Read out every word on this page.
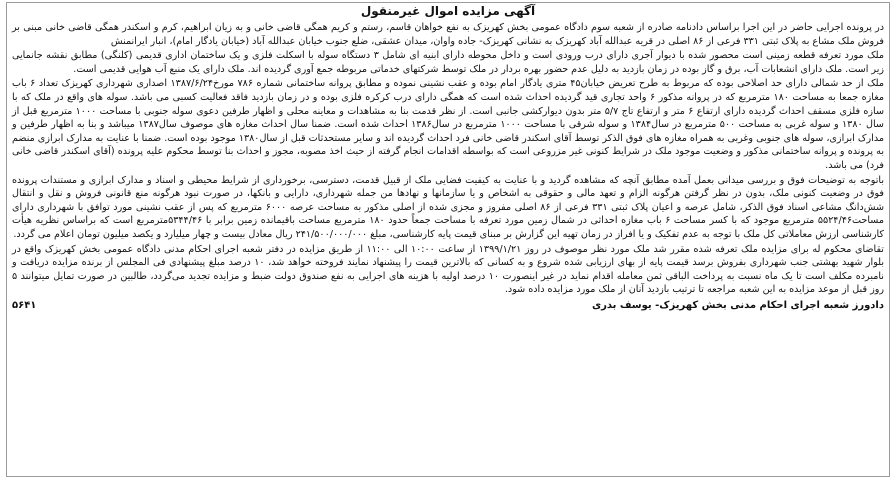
آگهی مزایده اموال غیرمنقول

در پرونده اجرایی حاضر در این اجرا براساس دادنامه صادره از شعبه سوم دادگاه عمومی بخش کهریزک به نفع خواهان قاسم، رستم و کریم همگی قاضی خانی و به زیان ابراهیم، کرم و اسکندر همگی قاضی خانی مبنی بر فروش ملک مشاع به پلاک ثبتی ۳۳۱ فرعی از ۸۶ اصلی در قریه عبدالله آباد کهریزک به نشانی کهریزک- جاده واوان، میدان عشقی، ضلع جنوب خیابان عبدالله آباد (خیابان یادگار امام)، انبار ایرانمنش

ملک مورد تعرفه قطعه زمینی است محصور شده با دیوار آجری دارای درب ورودی است و داخل محوطه دارای ابنیه ای شامل ۳ دستگاه سوله با اسکلت فلزی و یک ساختمان اداری قدیمی (کلنگی) مطابق نقشه جانمایی زیر است. ملک دارای انشعابات آب، برق و گاز بوده در زمان بازدید به دلیل عدم حضور بهره بردار در ملک توسط شرکتهای خدماتی مربوطه جمع آوری گردیده اند. ملک دارای یک منبع آب هوایی قدیمی است.

ملک از حد شمالی دارای حد اصلاحی بوده که مربوط به طرح تعریض خیابان۴۵ متری یادگار امام بوده و عقب نشینی نموده و مطابق پروانه ساختمانی شماره ۷۸۶ مورخ۱۳۸۷/۶/۲۴ اصداری شهرداری کهریزک تعداد ۶ باب مغازه جمعا به مساحت ۱۸۰ مترمربع که در پروانه مذکور ۶ واحد تجاری قید گردیده احداث شده است که همگی دارای درب کرکره فلزی بوده و در زمان بازدید فاقد فعالیت کسبی می باشد. سوله های واقع در ملک که با سازه فلزی مسقف احداث گردیده دارای ارتفاع ۶ متر و ارتفاع تاج ۵/۷ متر بدون دیوارکشی جانبی است. از نظر قدمت بنا به مشاهدات و معاینه محلی و اظهار طرفین دعوی سوله جنوبی با مساحت ۱۰۰۰ مترمربع قبل از سال ۱۳۸۰ و سوله غربی به مساحت ۵۰۰ مترمربع در سال۱۳۸۴ و سوله شرقی با مساحت ۱۰۰۰ مترمربع در سال۱۳۸۶ احداث شده است. ضمنا سال احداث مغازه های موصوف سال۱۳۸۷ میباشد و بنا به اظهار طرفین و مدارک ابرازی، سوله های جنوبی وغربی به همراه مغازه های فوق الذکر توسط آقای اسکندر قاضی خانی فرد احداث گردیده اند و سایر مستحدثات قبل از سال۱۳۸۰ موجود بوده است. ضمنا با عنایت به مدارک ابرازی منضم به پرونده و پروانه ساختمانی مذکور و وضعیت موجود ملک در شرایط کنونی غیر مزروعی است که بواسطه اقدامات انجام گرفته از حیث اخذ مصوبه، مجوز و احداث بنا توسط محکوم علیه پرونده (آقای اسکندر قاضی خانی فرد) می باشد.

باتوجه به توضیحات فوق و بررسی میدانی بعمل آمده مطابق آنچه که مشاهده گردید و با عنایت به کیفیت فضایی ملک از قبیل قدمت، دسترسی، برخورداری از شرایط محیطی و اسناد و مدارک ابرازی و مستندات پرونده فوق در وضعیت کنونی ملک، بدون در نظر گرفتن هرگونه الزام و تعهد مالی و حقوقی به اشخاص و یا سازمانها و نهادها من جمله شهرداری، دارایی و بانکها، در صورت نبود هرگونه منع قانونی فروش و نقل و انتقال شش‌دانگ مشاعی اسناد فوق الذکر، شامل عرصه و اعیان پلاک ثبتی ۳۳۱ فرعی از ۸۶ اصلی مفروز و مجزی شده از اصلی مذکور به مساحت عرصه ۶۰۰۰ مترمربع که پس از عقب نشینی مورد توافق با شهرداری دارای مساحت۵۵۲۴/۴۶ مترمربع موجود که با کسر مساحت ۶ باب مغازه احداثی در شمال زمین مورد تعرفه با مساحت جمعاً حدود ۱۸۰ مترمربع مساحت باقیمانده زمین برابر با ۵۳۴۴/۴۶مترمربع است که براساس نظریه هیأت کارشناسی ارزش معاملاتی کل ملک با توجه به عدم تفکیک و یا افراز در زمان تهیه این گزارش بر مبنای قیمت پایه کارشناسی، مبلغ ۲۴۱/۵۰۰/۰۰۰/۰۰۰ ریال معادل بیست و چهار میلیارد و یکصد میلیون تومان اعلام می گردد.

تقاضای محکوم له برای مزایده ملک تعرفه شده مقرر شد ملک مورد نظر موصوف در روز ۱۳۹۹/۱/۲۱ از ساعت ۱۰:۰۰ الی ۱۱:۰۰ از طریق مزایده در دفتر شعبه اجرای احکام مدنی دادگاه عمومی بخش کهریزک واقع در بلوار شهید بهشتی جنب شهرداری بفروش برسد قیمت پایه از بهای ارزیابی شده شروع و به کسانی که بالاترین قیمت را پیشنهاد نمایند فروخته خواهد شد، ۱۰ درصد مبلغ پیشنهادی فی المجلس از برنده مزایده دریافت و نامبرده مکلف است تا یک ماه نسبت به پرداخت الباقی ثمن معامله اقدام نماید در غیر اینصورت ۱۰ درصد اولیه با هزینه های اجرایی به نفع صندوق دولت ضبط و مزایده تجدید می‌گردد، طالبین در صورت تمایل میتوانند ۵ روز قبل از موعد مزایده به این شعبه مراجعه تا ترتیب بازدید آنان از ملک مورد مزایده داده شود.

دادورز شعبه اجرای احکام مدنی بخش کهریزک- یوسف بدری
۵۶۴۱
